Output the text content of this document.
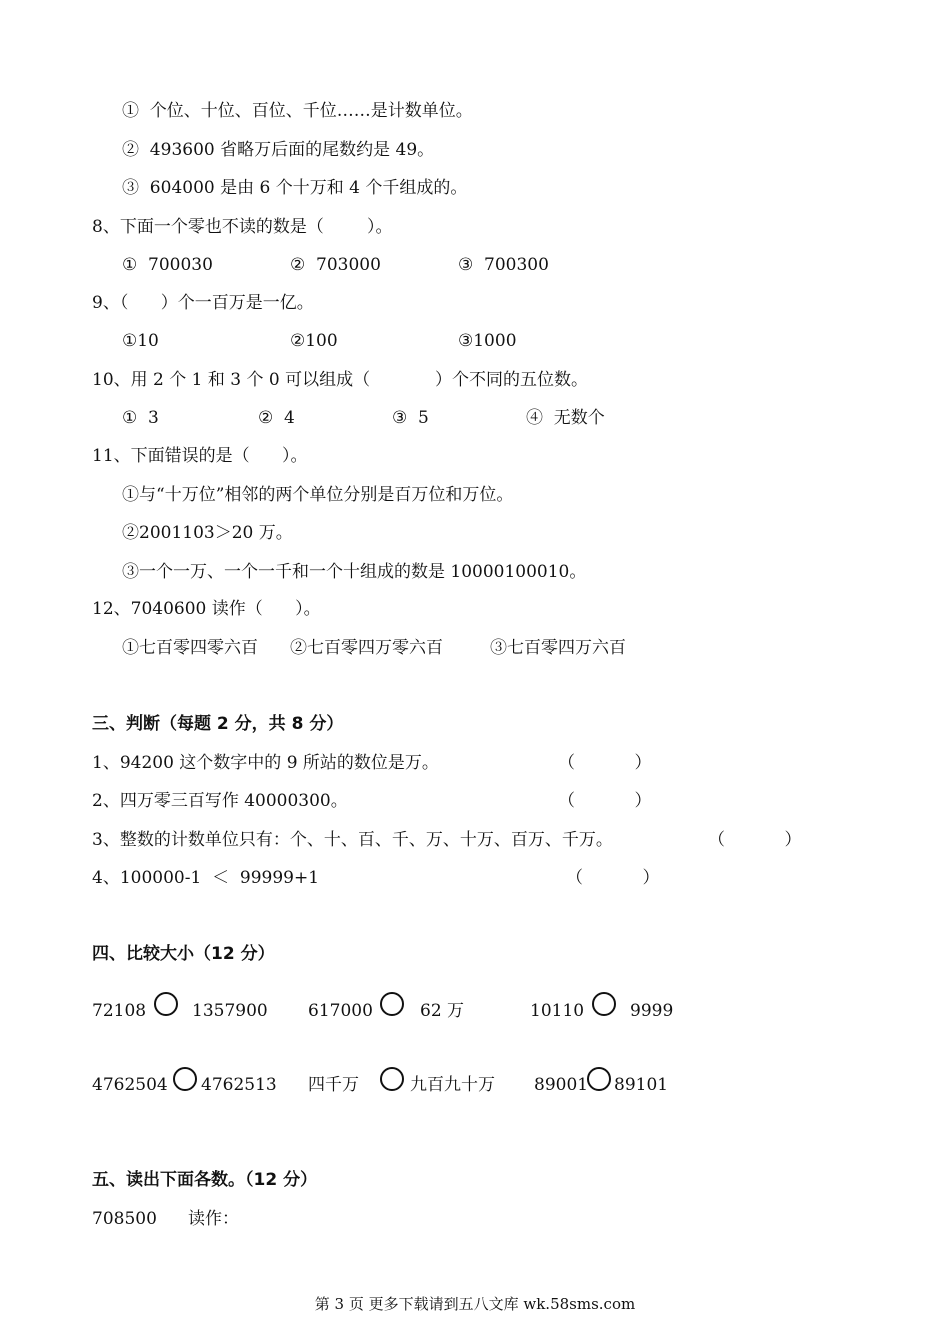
①  个位、十位、百位、千位……是计数单位。
②  493600 省略万后面的尾数约是 49。
③  604000 是由 6 个十万和 4 个千组成的。
8、下面一个零也不读的数是（        ）。
①  700030	②  703000	③  700300
9、（      ）个一百万是一亿。
①10	②100	③1000
10、用 2 个 1 和 3 个 0 可以组成（            ）个不同的五位数。
①  3	②  4	③  5	④  无数个
11、下面错误的是（      ）。
①与“十万位”相邻的两个单位分别是百万位和万位。
②2001103＞20 万。
③一个一万、一个一千和一个十组成的数是 10000100010。
12、7040600 读作（      ）。
①七百零四零六百 ②七百零四万零六百	③七百零四万六百
三、判断（每题 2 分，共 8 分）
1、94200 这个数字中的 9 所站的数位是万。	（           ）
2、四万零三百写作 40000300。	（           ）
3、整数的计数单位只有：个、十、百、千、万、十万、百万、千万。	（           ）
4、100000-1  ＜  99999+1	（           ）
四、比较大小（12 分）
72108	1357900 617000	62 万	10110	9999
4762504 4762513 四千万	九百九十万 89001 89101
五、读出下面各数。（12 分）
708500 读作：
第 3 页 更多下载请到五八文库 wk.58sms.com
